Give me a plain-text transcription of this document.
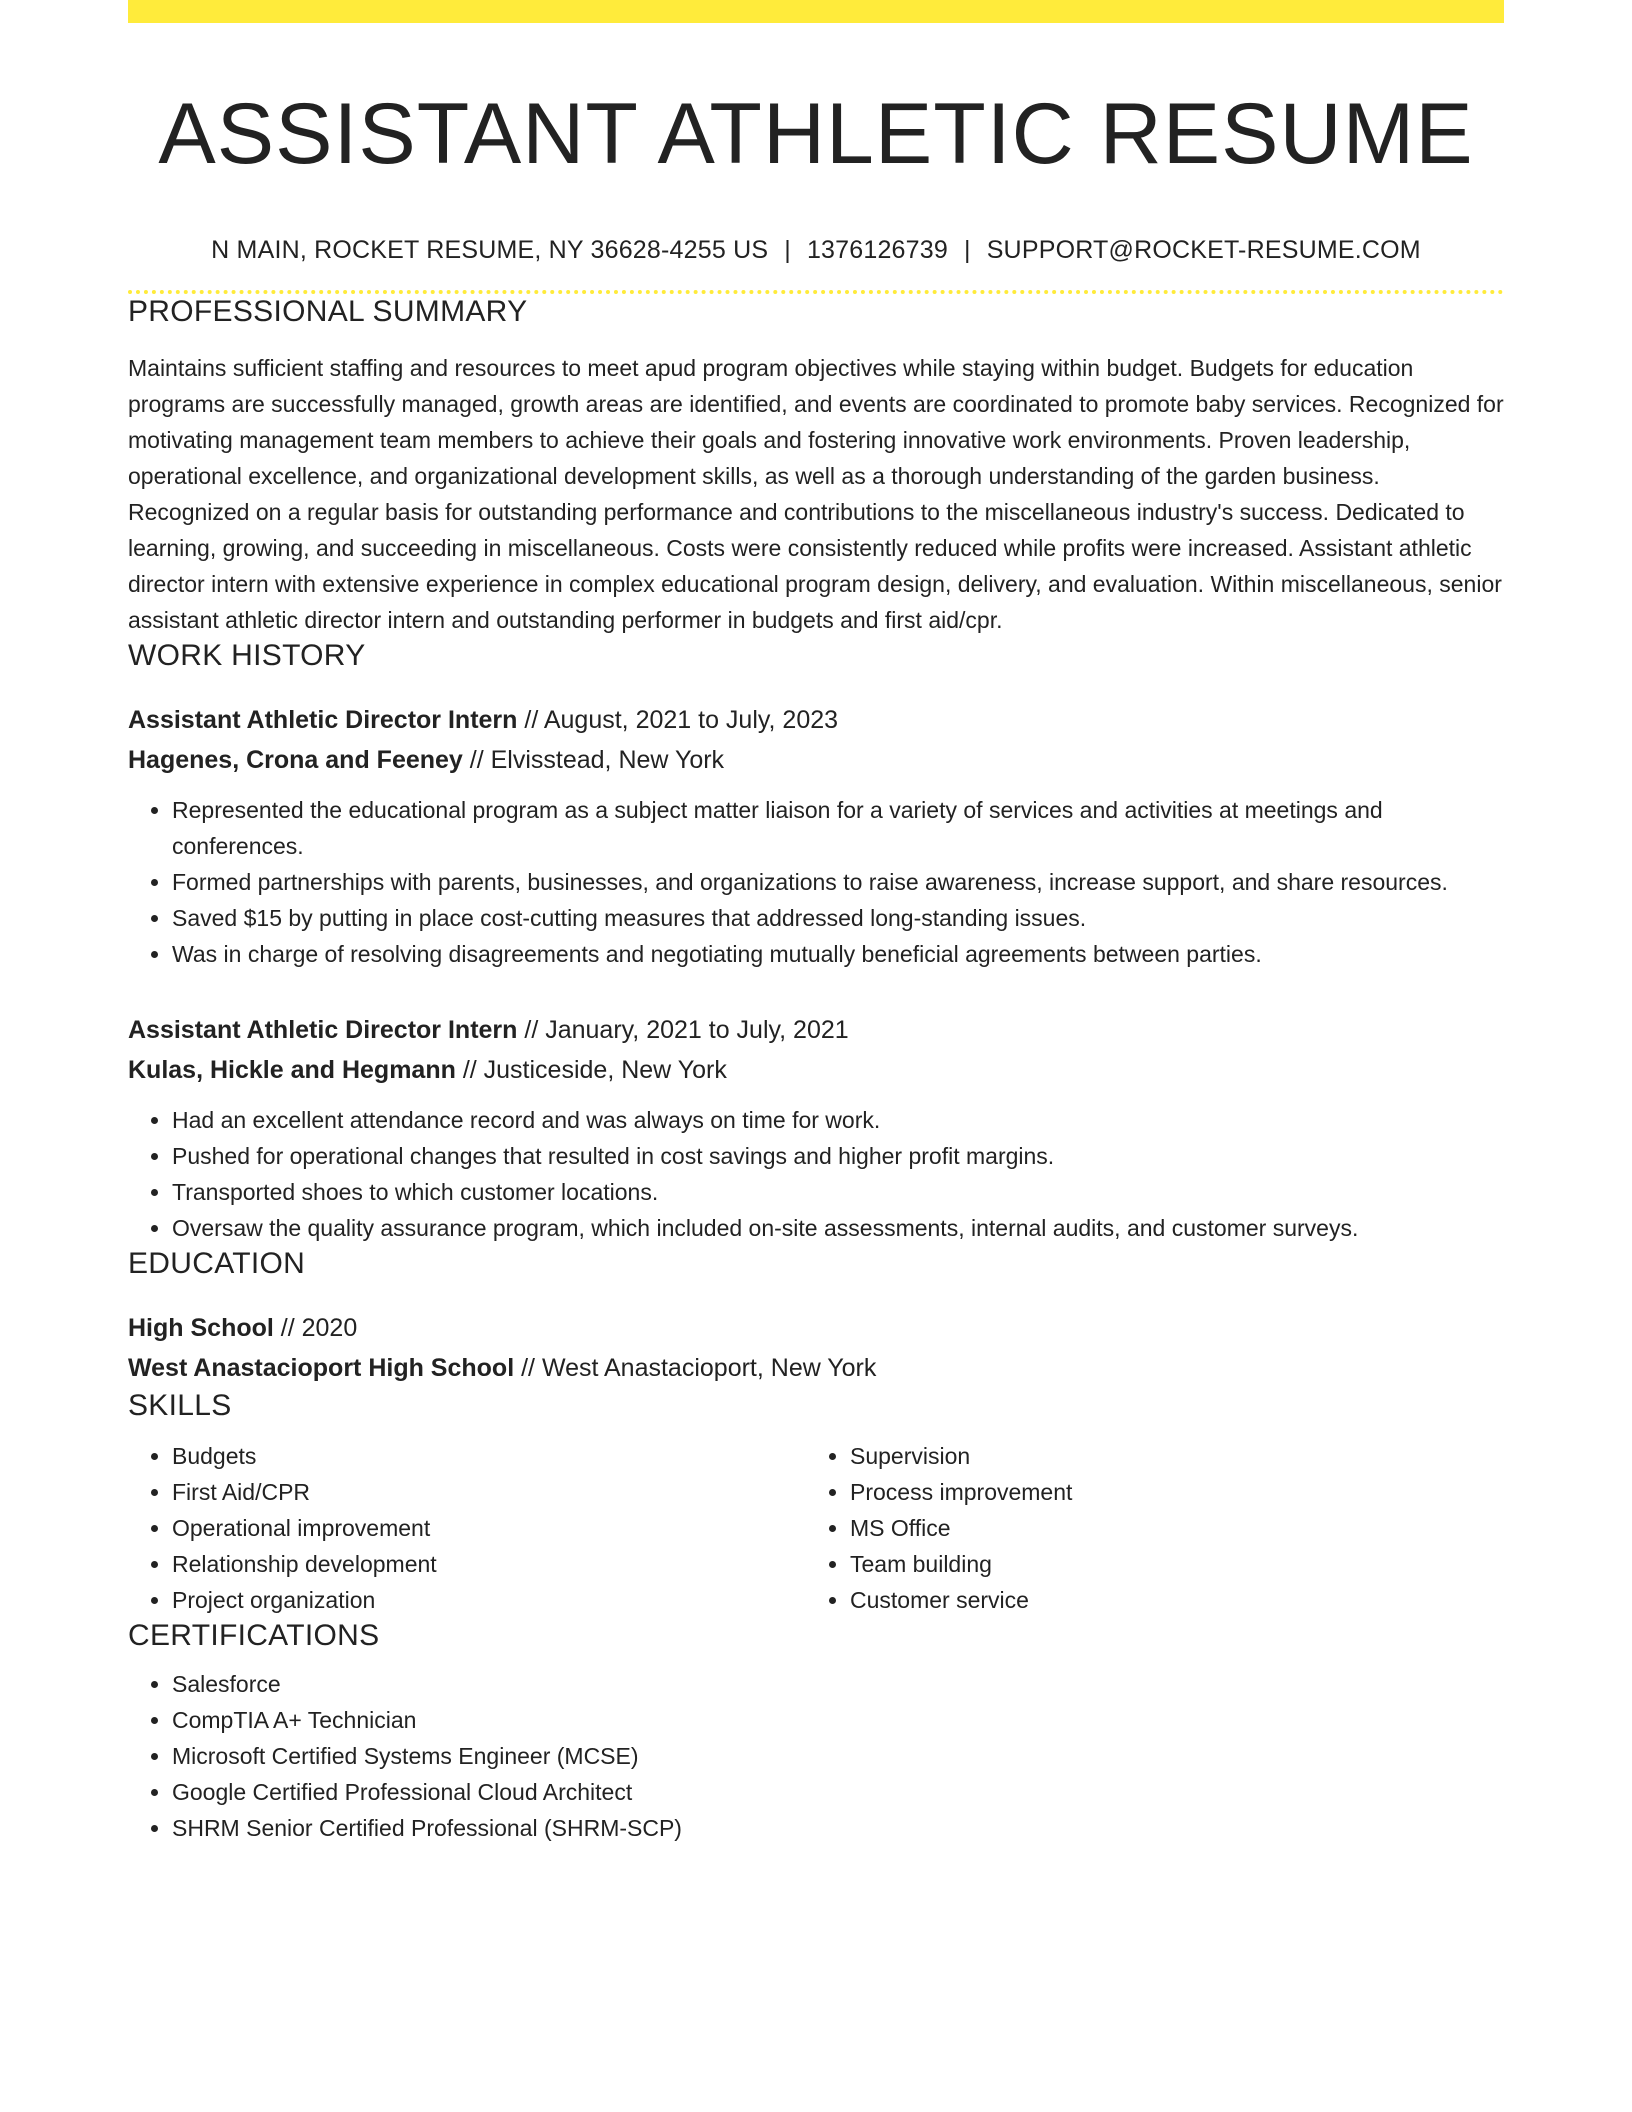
ASSISTANT ATHLETIC RESUME
N MAIN, ROCKET RESUME, NY 36628-4255 US | 1376126739 | SUPPORT@ROCKET-RESUME.COM
PROFESSIONAL SUMMARY

Maintains sufficient staffing and resources to meet apud program objectives while staying within budget. Budgets for education programs are successfully managed, growth areas are identified, and events are coordinated to promote baby services. Recognized for motivating management team members to achieve their goals and fostering innovative work environments. Proven leadership, operational excellence, and organizational development skills, as well as a thorough understanding of the garden business. Recognized on a regular basis for outstanding performance and contributions to the miscellaneous industry's success. Dedicated to learning, growing, and succeeding in miscellaneous. Costs were consistently reduced while profits were increased. Assistant athletic director intern with extensive experience in complex educational program design, delivery, and evaluation. Within miscellaneous, senior assistant athletic director intern and outstanding performer in budgets and first aid/cpr.

WORK HISTORY
Assistant Athletic Director Intern // August, 2021 to July, 2023
Hagenes, Crona and Feeney // Elvisstead, New York
• Represented the educational program as a subject matter liaison for a variety of services and activities at meetings and conferences.
• Formed partnerships with parents, businesses, and organizations to raise awareness, increase support, and share resources.
• Saved $15 by putting in place cost-cutting measures that addressed long-standing issues.
• Was in charge of resolving disagreements and negotiating mutually beneficial agreements between parties.
Assistant Athletic Director Intern // January, 2021 to July, 2021
Kulas, Hickle and Hegmann // Justiceside, New York
• Had an excellent attendance record and was always on time for work.
• Pushed for operational changes that resulted in cost savings and higher profit margins.
• Transported shoes to which customer locations.
• Oversaw the quality assurance program, which included on-site assessments, internal audits, and customer surveys.
EDUCATION
High School // 2020
West Anastacioport High School // West Anastacioport, New York
SKILLS
• Budgets
• First Aid/CPR
• Operational improvement
• Relationship development
• Project organization
• Supervision
• Process improvement
• MS Office
• Team building
• Customer service
CERTIFICATIONS
• Salesforce
• CompTIA A+ Technician
• Microsoft Certified Systems Engineer (MCSE)
• Google Certified Professional Cloud Architect
• SHRM Senior Certified Professional (SHRM-SCP)
